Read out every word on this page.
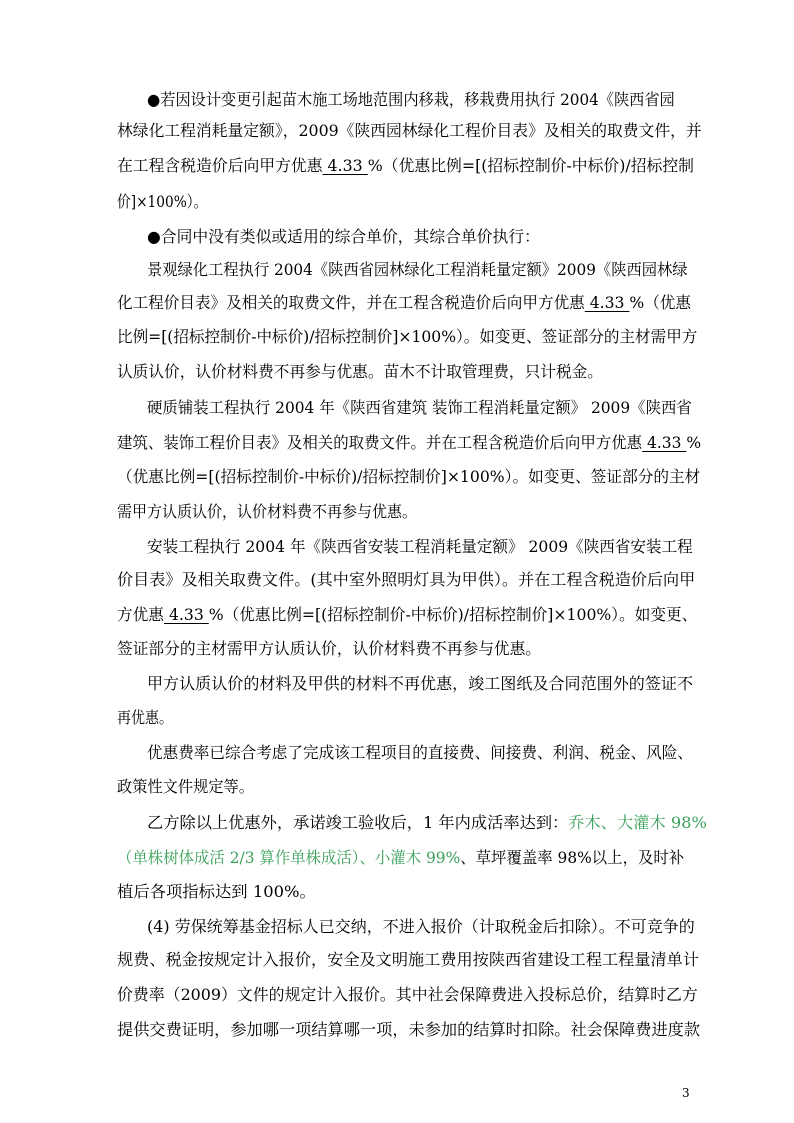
3
●若因设计变更引起苗木施工场地范围内移栽，移栽费用执行 2004《陕西省园
林绿化工程消耗量定额》，2009《陕西园林绿化工程价目表》及相关的取费文件，并
在工程含税造价后向甲方优惠 4.33 %（优惠比例=[(招标控制价-中标价)/招标控制
价]×100%）。
●合同中没有类似或适用的综合单价，其综合单价执行：
景观绿化工程执行 2004《陕西省园林绿化工程消耗量定额》2009《陕西园林绿
化工程价目表》及相关的取费文件，并在工程含税造价后向甲方优惠 4.33 %（优惠
比例=[(招标控制价-中标价)/招标控制价]×100%）。如变更、签证部分的主材需甲方
认质认价，认价材料费不再参与优惠。苗木不计取管理费，只计税金。
硬质铺装工程执行 2004 年《陕西省建筑 装饰工程消耗量定额》 2009《陕西省
建筑、装饰工程价目表》及相关的取费文件。并在工程含税造价后向甲方优惠 4.33 %
（优惠比例=[(招标控制价-中标价)/招标控制价]×100%）。如变更、签证部分的主材
需甲方认质认价，认价材料费不再参与优惠。
安装工程执行 2004 年《陕西省安装工程消耗量定额》 2009《陕西省安装工程
价目表》及相关取费文件。(其中室外照明灯具为甲供）。并在工程含税造价后向甲
方优惠 4.33 %（优惠比例=[(招标控制价-中标价)/招标控制价]×100%）。如变更、
签证部分的主材需甲方认质认价，认价材料费不再参与优惠。
甲方认质认价的材料及甲供的材料不再优惠，竣工图纸及合同范围外的签证不
再优惠。
优惠费率已综合考虑了完成该工程项目的直接费、间接费、利润、税金、风险、
政策性文件规定等。
乙方除以上优惠外，承诺竣工验收后，1 年内成活率达到：乔木、大灌木 98%
（单株树体成活 2/3 算作单株成活）、小灌木 99%、草坪覆盖率 98%以上，及时补
植后各项指标达到 100%。
(4) 劳保统筹基金招标人已交纳，不进入报价（计取税金后扣除）。不可竞争的
规费、税金按规定计入报价，安全及文明施工费用按陕西省建设工程工程量清单计
价费率（2009）文件的规定计入报价。其中社会保障费进入投标总价，结算时乙方
提供交费证明，参加哪一项结算哪一项，未参加的结算时扣除。社会保障费进度款
